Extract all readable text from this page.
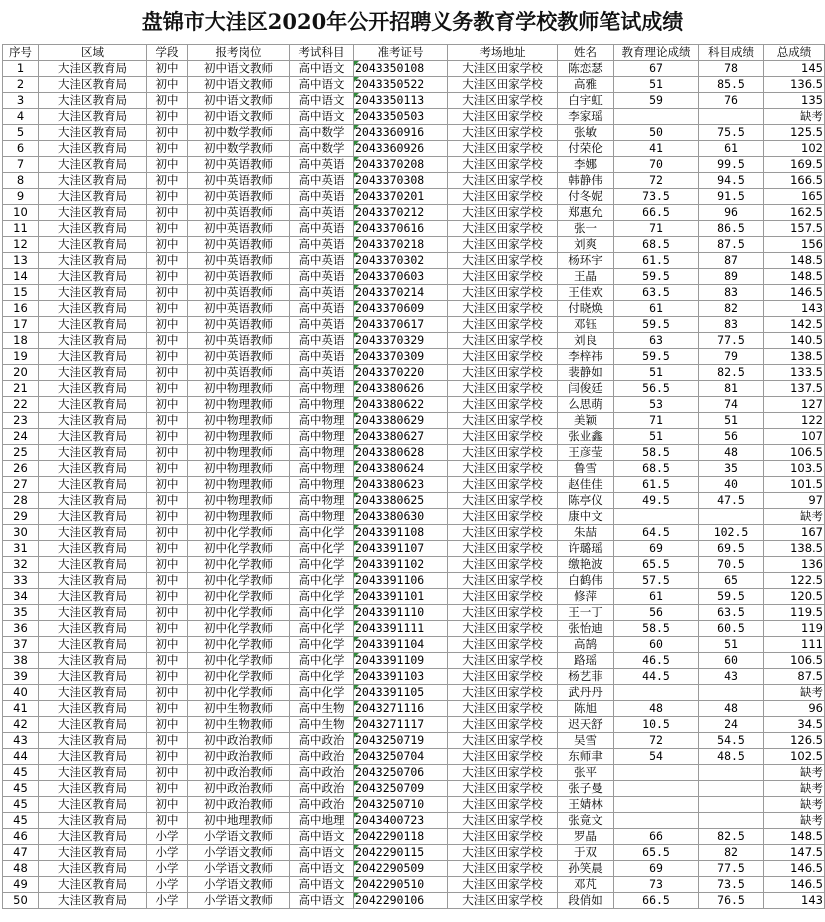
盘锦市大洼区2020年公开招聘义务教育学校教师笔试成绩
序号	区域	学段	报考岗位	考试科目	准考证号	考场地址	姓名	教育理论成绩	科目成绩	总成绩
1	大洼区教育局	初中	初中语文教师	高中语文	2043350108	大洼区田家学校	陈恋瑟	67	78	145
2	大洼区教育局	初中	初中语文教师	高中语文	2043350522	大洼区田家学校	高雅	51	85.5	136.5
3	大洼区教育局	初中	初中语文教师	高中语文	2043350113	大洼区田家学校	白宇虹	59	76	135
4	大洼区教育局	初中	初中语文教师	高中语文	2043350503	大洼区田家学校	李家瑶			缺考
5	大洼区教育局	初中	初中数学教师	高中数学	2043360916	大洼区田家学校	张敏	50	75.5	125.5
6	大洼区教育局	初中	初中数学教师	高中数学	2043360926	大洼区田家学校	付荣伦	41	61	102
7	大洼区教育局	初中	初中英语教师	高中英语	2043370208	大洼区田家学校	李娜	70	99.5	169.5
8	大洼区教育局	初中	初中英语教师	高中英语	2043370308	大洼区田家学校	韩静伟	72	94.5	166.5
9	大洼区教育局	初中	初中英语教师	高中英语	2043370201	大洼区田家学校	付冬妮	73.5	91.5	165
10	大洼区教育局	初中	初中英语教师	高中英语	2043370212	大洼区田家学校	郑惠允	66.5	96	162.5
11	大洼区教育局	初中	初中英语教师	高中英语	2043370616	大洼区田家学校	张一	71	86.5	157.5
12	大洼区教育局	初中	初中英语教师	高中英语	2043370218	大洼区田家学校	刘爽	68.5	87.5	156
13	大洼区教育局	初中	初中英语教师	高中英语	2043370302	大洼区田家学校	杨环宇	61.5	87	148.5
14	大洼区教育局	初中	初中英语教师	高中英语	2043370603	大洼区田家学校	王晶	59.5	89	148.5
15	大洼区教育局	初中	初中英语教师	高中英语	2043370214	大洼区田家学校	王佳欢	63.5	83	146.5
16	大洼区教育局	初中	初中英语教师	高中英语	2043370609	大洼区田家学校	付晓焕	61	82	143
17	大洼区教育局	初中	初中英语教师	高中英语	2043370617	大洼区田家学校	邓钰	59.5	83	142.5
18	大洼区教育局	初中	初中英语教师	高中英语	2043370329	大洼区田家学校	刘良	63	77.5	140.5
19	大洼区教育局	初中	初中英语教师	高中英语	2043370309	大洼区田家学校	李梓祎	59.5	79	138.5
20	大洼区教育局	初中	初中英语教师	高中英语	2043370220	大洼区田家学校	裴静如	51	82.5	133.5
21	大洼区教育局	初中	初中物理教师	高中物理	2043380626	大洼区田家学校	闫俊廷	56.5	81	137.5
22	大洼区教育局	初中	初中物理教师	高中物理	2043380622	大洼区田家学校	么思萌	53	74	127
23	大洼区教育局	初中	初中物理教师	高中物理	2043380629	大洼区田家学校	美颖	71	51	122
24	大洼区教育局	初中	初中物理教师	高中物理	2043380627	大洼区田家学校	张业鑫	51	56	107
25	大洼区教育局	初中	初中物理教师	高中物理	2043380628	大洼区田家学校	王彦莹	58.5	48	106.5
26	大洼区教育局	初中	初中物理教师	高中物理	2043380624	大洼区田家学校	鲁雪	68.5	35	103.5
27	大洼区教育局	初中	初中物理教师	高中物理	2043380623	大洼区田家学校	赵佳佳	61.5	40	101.5
28	大洼区教育局	初中	初中物理教师	高中物理	2043380625	大洼区田家学校	陈亭仪	49.5	47.5	97
29	大洼区教育局	初中	初中物理教师	高中物理	2043380630	大洼区田家学校	康中文			缺考
30	大洼区教育局	初中	初中化学教师	高中化学	2043391108	大洼区田家学校	朱喆	64.5	102.5	167
31	大洼区教育局	初中	初中化学教师	高中化学	2043391107	大洼区田家学校	许璐瑶	69	69.5	138.5
32	大洼区教育局	初中	初中化学教师	高中化学	2043391102	大洼区田家学校	缴艳波	65.5	70.5	136
33	大洼区教育局	初中	初中化学教师	高中化学	2043391106	大洼区田家学校	白鹤伟	57.5	65	122.5
34	大洼区教育局	初中	初中化学教师	高中化学	2043391101	大洼区田家学校	修萍	61	59.5	120.5
35	大洼区教育局	初中	初中化学教师	高中化学	2043391110	大洼区田家学校	王一丁	56	63.5	119.5
36	大洼区教育局	初中	初中化学教师	高中化学	2043391111	大洼区田家学校	张怡迪	58.5	60.5	119
37	大洼区教育局	初中	初中化学教师	高中化学	2043391104	大洼区田家学校	高鹄	60	51	111
38	大洼区教育局	初中	初中化学教师	高中化学	2043391109	大洼区田家学校	路瑶	46.5	60	106.5
39	大洼区教育局	初中	初中化学教师	高中化学	2043391103	大洼区田家学校	杨艺菲	44.5	43	87.5
40	大洼区教育局	初中	初中化学教师	高中化学	2043391105	大洼区田家学校	武丹丹			缺考
41	大洼区教育局	初中	初中生物教师	高中生物	2043271116	大洼区田家学校	陈旭	48	48	96
42	大洼区教育局	初中	初中生物教师	高中生物	2043271117	大洼区田家学校	迟天舒	10.5	24	34.5
43	大洼区教育局	初中	初中政治教师	高中政治	2043250719	大洼区田家学校	吴雪	72	54.5	126.5
44	大洼区教育局	初中	初中政治教师	高中政治	2043250704	大洼区田家学校	东师聿	54	48.5	102.5
45	大洼区教育局	初中	初中政治教师	高中政治	2043250706	大洼区田家学校	张平			缺考
45	大洼区教育局	初中	初中政治教师	高中政治	2043250709	大洼区田家学校	张子曼			缺考
45	大洼区教育局	初中	初中政治教师	高中政治	2043250710	大洼区田家学校	王婧林			缺考
45	大洼区教育局	初中	初中地理教师	高中地理	2043400723	大洼区田家学校	张竟文			缺考
46	大洼区教育局	小学	小学语文教师	高中语文	2042290118	大洼区田家学校	罗晶	66	82.5	148.5
47	大洼区教育局	小学	小学语文教师	高中语文	2042290115	大洼区田家学校	于双	65.5	82	147.5
48	大洼区教育局	小学	小学语文教师	高中语文	2042290509	大洼区田家学校	孙笑晨	69	77.5	146.5
49	大洼区教育局	小学	小学语文教师	高中语文	2042290510	大洼区田家学校	邓芃	73	73.5	146.5
50	大洼区教育局	小学	小学语文教师	高中语文	2042290106	大洼区田家学校	段俏如	66.5	76.5	143
